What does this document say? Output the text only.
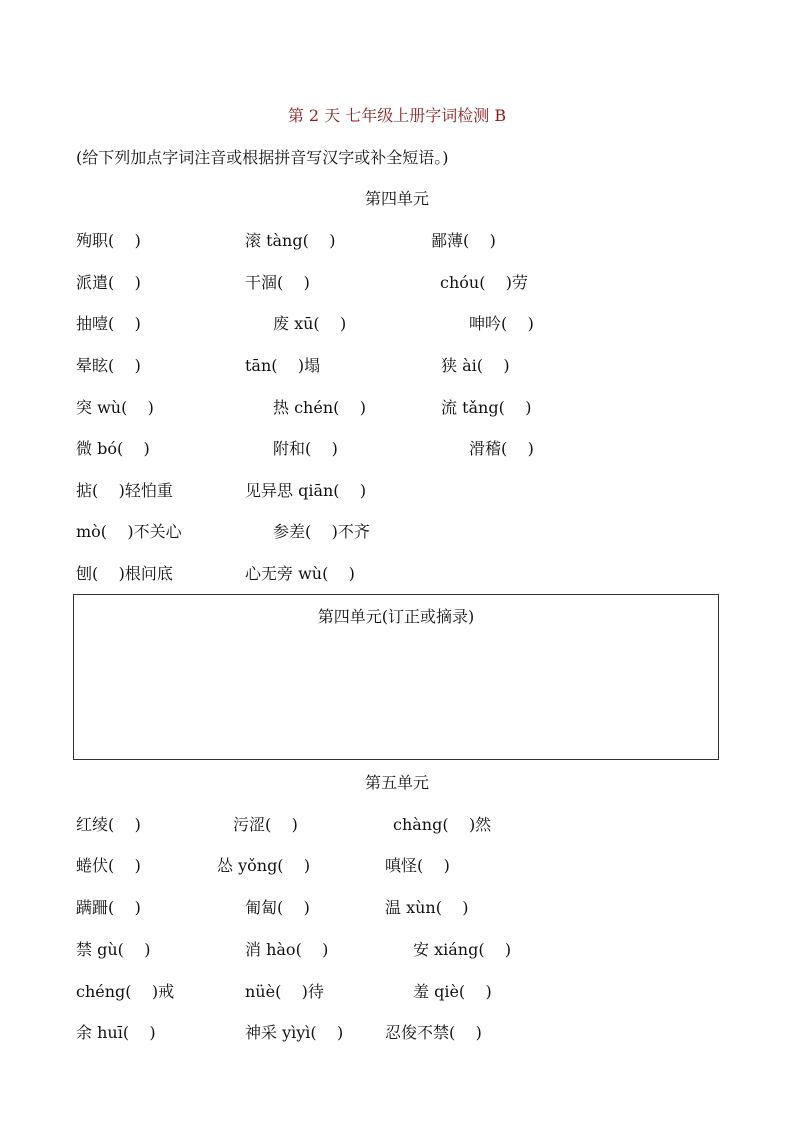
第 2 天 七年级上册字词检测 B
(给下列加点字词注音或根据拼音写汉字或补全短语。)
第四单元
殉职(    )	滚 tàng(    )	鄙薄(    )
派遣(    )	干涸(    )	chóu(    )劳
抽噎(    )	废 xū(    )	呻吟(    )
晕眩(    )	tān(    )塌	狭 ài(    )
突 wù(    )	热 chén(    )	流 tǎng(    )
微 bó(    )	附和(    )	滑稽(    )
掂(    )轻怕重	见异思 qiān(    )
mò(    )不关心	参差(    )不齐
刨(    )根问底	心无旁 wù(    )
第四单元(订正或摘录)
第五单元
红绫(    )	污涩(    )	chàng(    )然
蜷伏(    )	怂 yǒng(    )	嗔怪(    )
蹒跚(    )	匍匐(    )	温 xùn(    )
禁 gù(    )	消 hào(    )	安 xiáng(    )
chéng(    )戒	nüè(    )待	羞 qiè(    )
余 huī(    )	神采 yìyì(    )	忍俊不禁(    )
